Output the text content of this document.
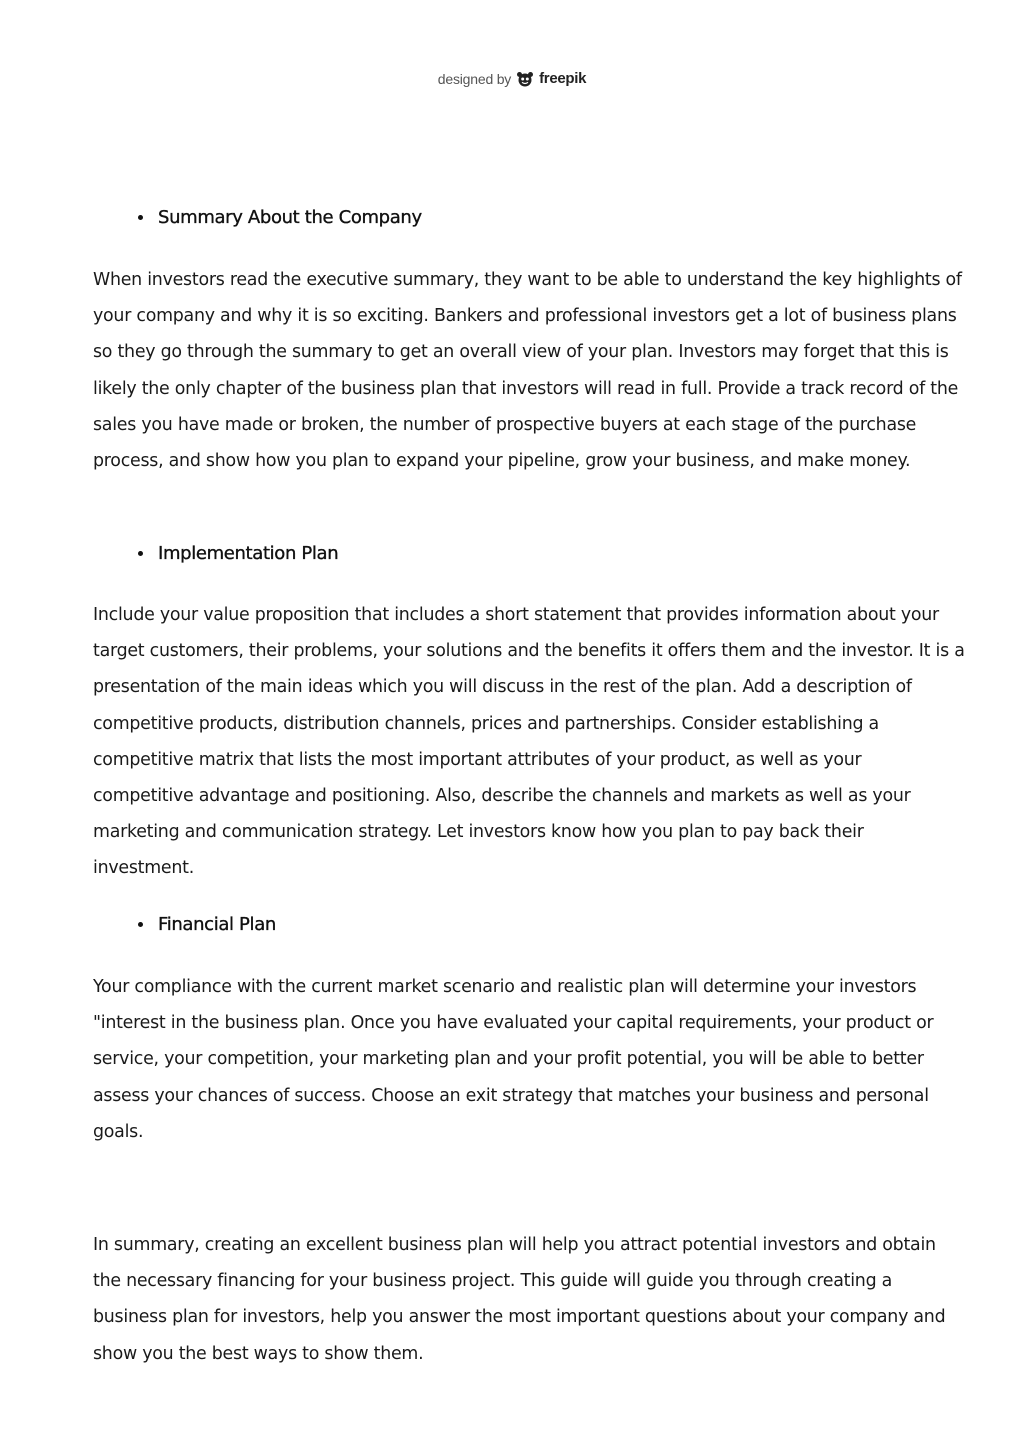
designed by freepik
Summary About the Company

When investors read the executive summary, they want to be able to understand the key highlights of your company and why it is so exciting. Bankers and professional investors get a lot of business plans so they go through the summary to get an overall view of your plan. Investors may forget that this is likely the only chapter of the business plan that investors will read in full. Provide a track record of the sales you have made or broken, the number of prospective buyers at each stage of the purchase process, and show how you plan to expand your pipeline, grow your business, and make money.

Implementation Plan

Include your value proposition that includes a short statement that provides information about your target customers, their problems, your solutions and the benefits it offers them and the investor. It is a presentation of the main ideas which you will discuss in the rest of the plan. Add a description of competitive products, distribution channels, prices and partnerships. Consider establishing a competitive matrix that lists the most important attributes of your product, as well as your competitive advantage and positioning. Also, describe the channels and markets as well as your marketing and communication strategy. Let investors know how you plan to pay back their investment.

Financial Plan

Your compliance with the current market scenario and realistic plan will determine your investors "interest in the business plan. Once you have evaluated your capital requirements, your product or service, your competition, your marketing plan and your profit potential, you will be able to better assess your chances of success. Choose an exit strategy that matches your business and personal goals.

In summary, creating an excellent business plan will help you attract potential investors and obtain the necessary financing for your business project. This guide will guide you through creating a business plan for investors, help you answer the most important questions about your company and show you the best ways to show them.
